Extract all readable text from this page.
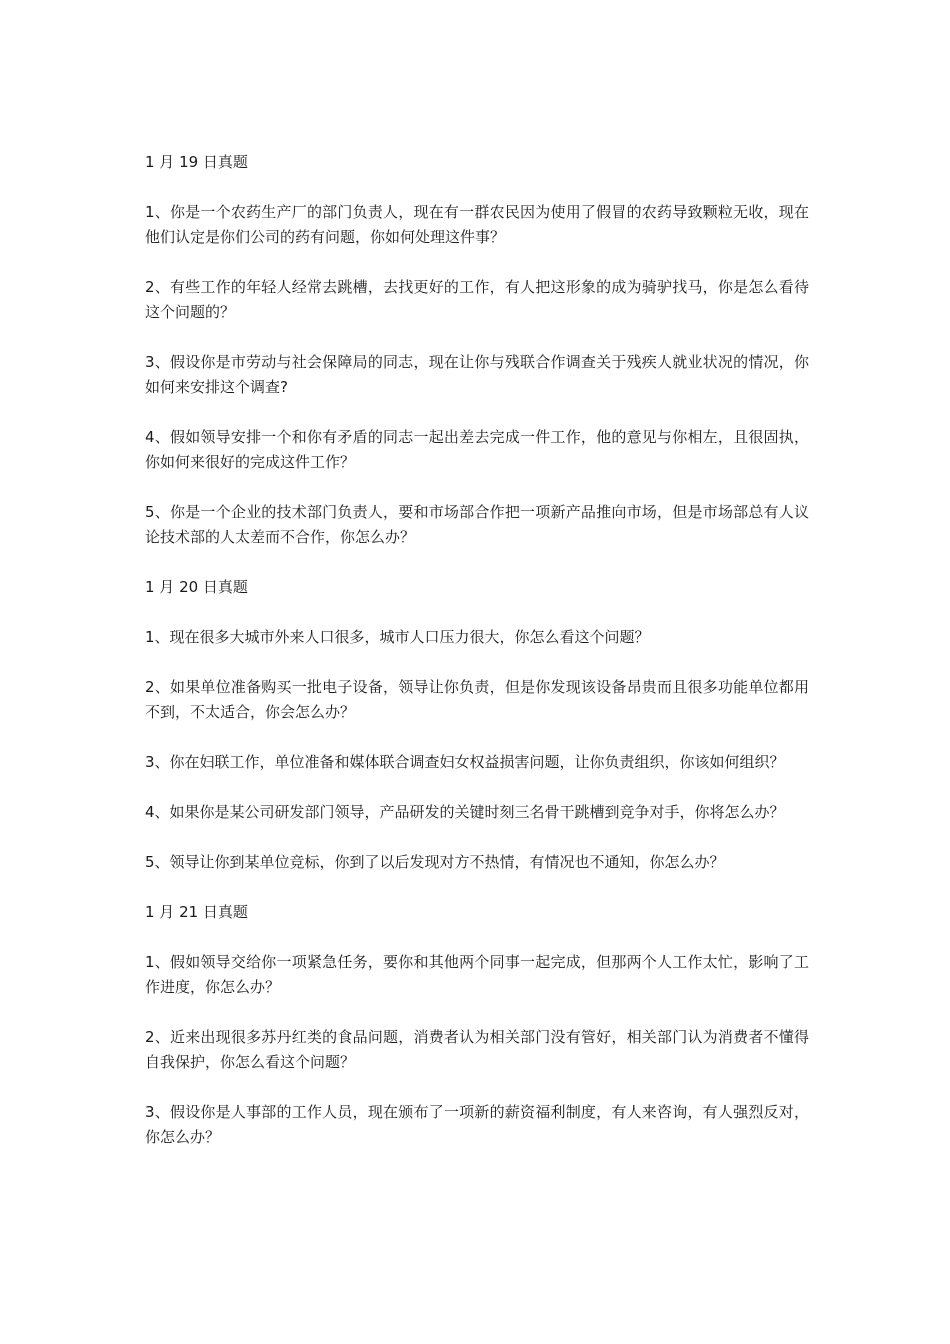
1 月 19 日真题

1、你是一个农药生产厂的部门负责人，现在有一群农民因为使用了假冒的农药导致颗粒无收，现在他们认定是你们公司的药有问题，你如何处理这件事？

2、有些工作的年轻人经常去跳槽，去找更好的工作，有人把这形象的成为骑驴找马，你是怎么看待这个问题的？

3、假设你是市劳动与社会保障局的同志，现在让你与残联合作调查关于残疾人就业状况的情况，你如何来安排这个调查?

4、假如领导安排一个和你有矛盾的同志一起出差去完成一件工作，他的意见与你相左，且很固执，你如何来很好的完成这件工作？

5、你是一个企业的技术部门负责人，要和市场部合作把一项新产品推向市场，但是市场部总有人议论技术部的人太差而不合作，你怎么办？

1 月 20 日真题

1、现在很多大城市外来人口很多，城市人口压力很大，你怎么看这个问题？

2、如果单位准备购买一批电子设备，领导让你负责，但是你发现该设备昂贵而且很多功能单位都用不到，不太适合，你会怎么办？

3、你在妇联工作，单位准备和媒体联合调查妇女权益损害问题，让你负责组织，你该如何组织？

4、如果你是某公司研发部门领导，产品研发的关键时刻三名骨干跳槽到竞争对手，你将怎么办？

5、领导让你到某单位竞标，你到了以后发现对方不热情，有情况也不通知，你怎么办？

1 月 21 日真题

1、假如领导交给你一项紧急任务，要你和其他两个同事一起完成，但那两个人工作太忙，影响了工作进度，你怎么办？

2、近来出现很多苏丹红类的食品问题，消费者认为相关部门没有管好，相关部门认为消费者不懂得自我保护，你怎么看这个问题？

3、假设你是人事部的工作人员，现在颁布了一项新的薪资福利制度，有人来咨询，有人强烈反对，你怎么办？
